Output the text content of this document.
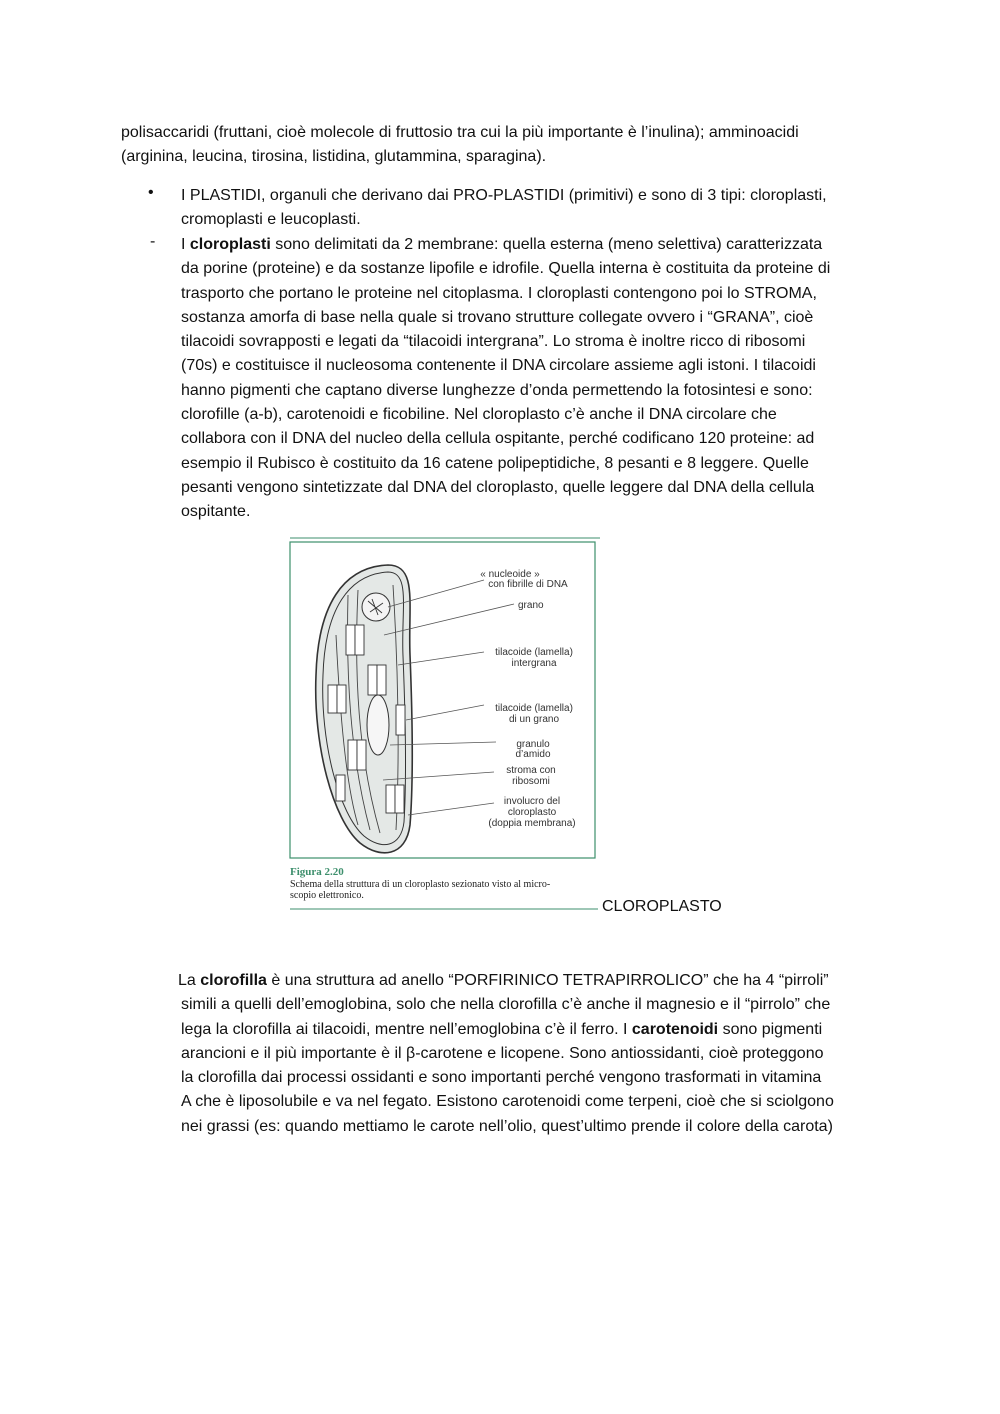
polisaccaridi (fruttani, cioè molecole di fruttosio tra cui la più importante è l’inulina); amminoacidi
(arginina, leucina, tirosina, listidina, glutammina, sparagina).
• I PLASTIDI, organuli che derivano dai PRO-PLASTIDI (primitivi) e sono di 3 tipi: cloroplasti,
cromoplasti e leucoplasti.
- I cloroplasti sono delimitati da 2 membrane: quella esterna (meno selettiva) caratterizzata
da porine (proteine) e da sostanze lipofile e idrofile. Quella interna è costituita da proteine di
trasporto che portano le proteine nel citoplasma. I cloroplasti contengono poi lo STROMA,
sostanza amorfa di base nella quale si trovano strutture collegate ovvero i “GRANA”, cioè
tilacoidi sovrapposti e legati da “tilacoidi intergrana”. Lo stroma è inoltre ricco di ribosomi
(70s) e costituisce il nucleosoma contenente il DNA circolare assieme agli istoni. I tilacoidi
hanno pigmenti che captano diverse lunghezze d’onda permettendo la fotosintesi e sono:
clorofille (a-b), carotenoidi e ficobiline. Nel cloroplasto c’è anche il DNA circolare che
collabora con il DNA del nucleo della cellula ospitante, perché codificano 120 proteine: ad
esempio il Rubisco è costituito da 16 catene polipeptidiche, 8 pesanti e 8 leggere. Quelle
pesanti vengono sintetizzate dal DNA del cloroplasto, quelle leggere dal DNA della cellula
ospitante.
« nucleoide »
con fibrille di DNA
grano
tilacoide (lamella)
intergrana
tilacoide (lamella)
di un grano
granulo
d’amido
stroma con
ribosomi
involucro del
cloroplasto
(doppia membrana)
Figura 2.20
Schema della struttura di un cloroplasto sezionato visto al micro-
scopio elettronico.
CLOROPLASTO
La clorofilla è una struttura ad anello “PORFIRINICO TETRAPIRROLICO” che ha 4 “pirroli”
simili a quelli dell’emoglobina, solo che nella clorofilla c’è anche il magnesio e il “pirrolo” che
lega la clorofilla ai tilacoidi, mentre nell’emoglobina c’è il ferro. I carotenoidi sono pigmenti
arancioni e il più importante è il β-carotene e licopene. Sono antiossidanti, cioè proteggono
la clorofilla dai processi ossidanti e sono importanti perché vengono trasformati in vitamina
A che è liposolubile e va nel fegato. Esistono carotenoidi come terpeni, cioè che si sciolgono
nei grassi (es: quando mettiamo le carote nell’olio, quest’ultimo prende il colore della carota)
